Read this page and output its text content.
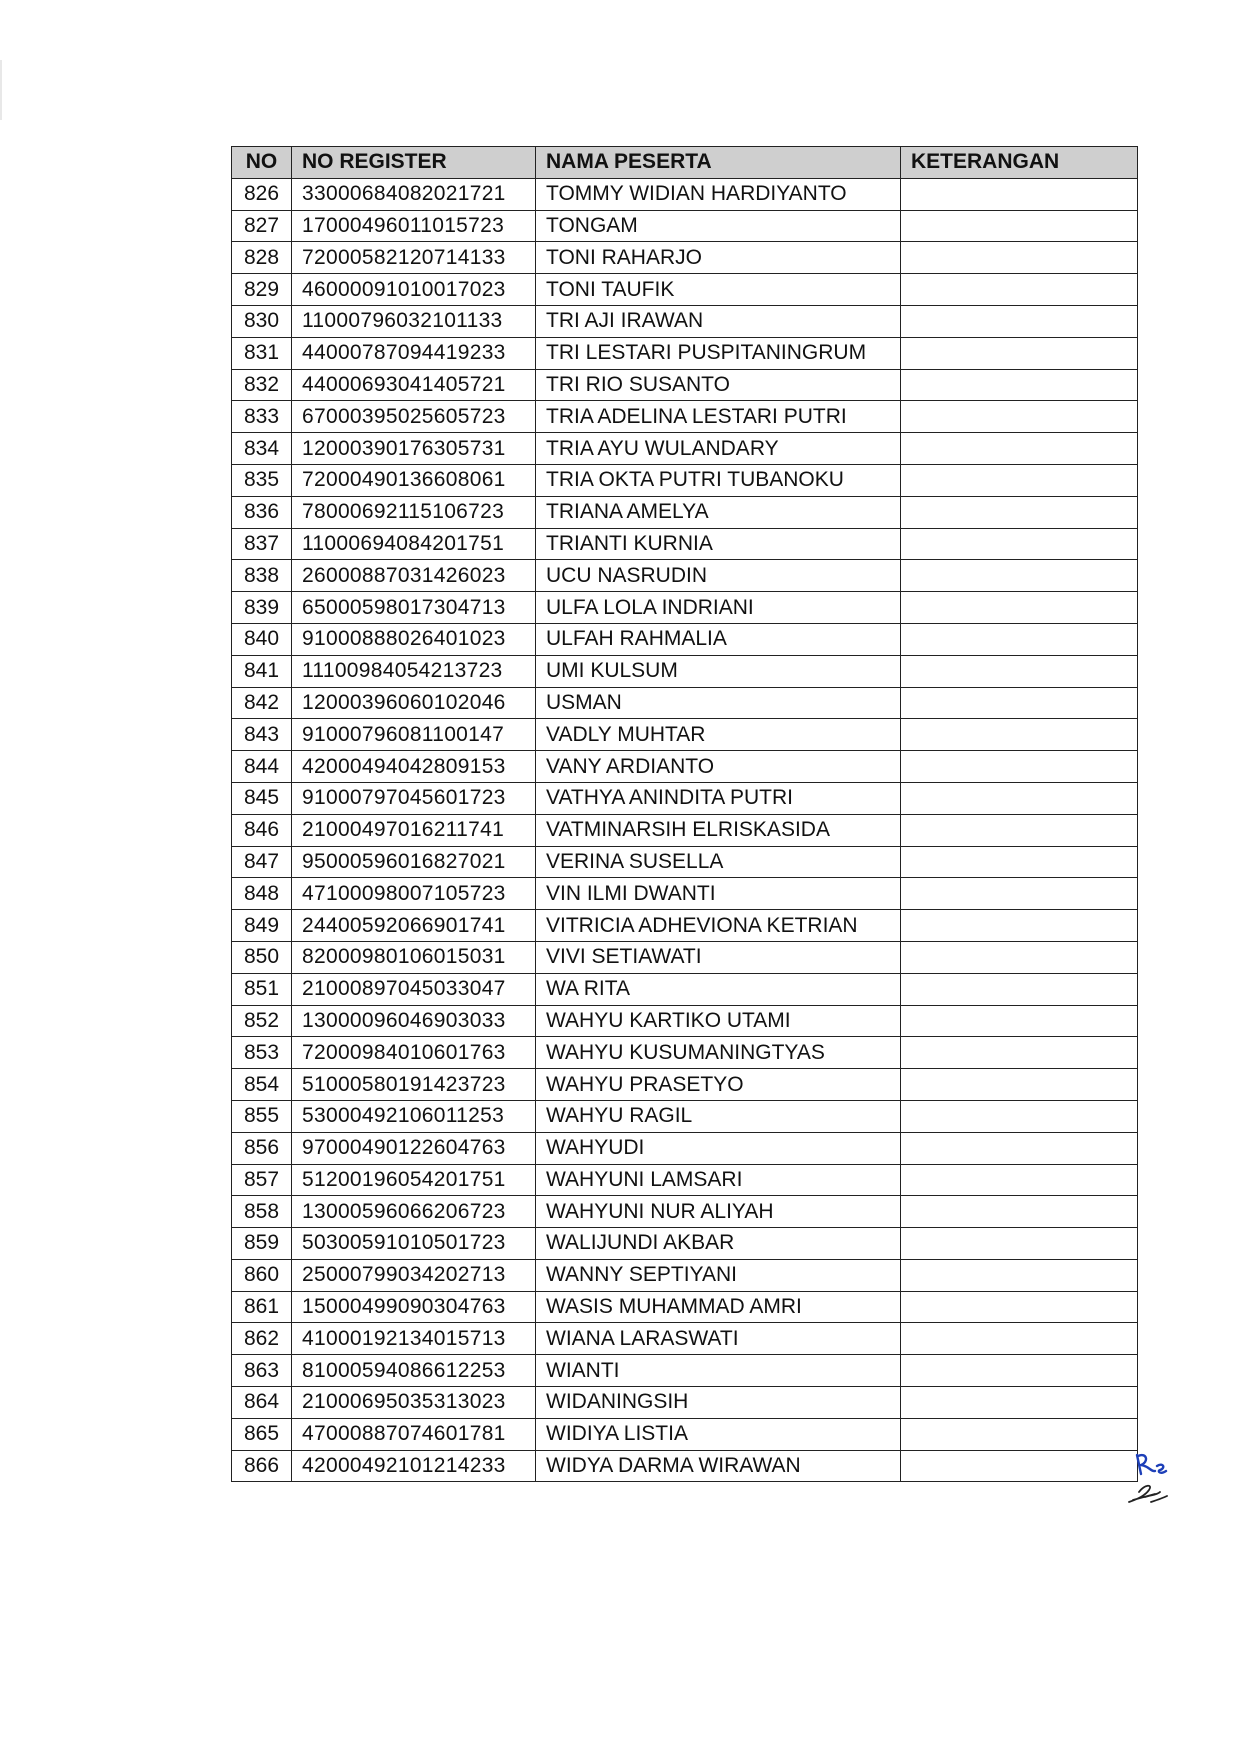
NO	NO REGISTER	NAMA PESERTA	KETERANGAN
826	33000684082021721	TOMMY WIDIAN HARDIYANTO	
827	17000496011015723	TONGAM	
828	72000582120714133	TONI RAHARJO	
829	46000091010017023	TONI TAUFIK	
830	11000796032101133	TRI AJI IRAWAN	
831	44000787094419233	TRI LESTARI PUSPITANINGRUM	
832	44000693041405721	TRI RIO SUSANTO	
833	67000395025605723	TRIA ADELINA LESTARI PUTRI	
834	12000390176305731	TRIA AYU WULANDARY	
835	72000490136608061	TRIA OKTA PUTRI TUBANOKU	
836	78000692115106723	TRIANA AMELYA	
837	11000694084201751	TRIANTI KURNIA	
838	26000887031426023	UCU NASRUDIN	
839	65000598017304713	ULFA LOLA INDRIANI	
840	91000888026401023	ULFAH RAHMALIA	
841	11100984054213723	UMI KULSUM	
842	12000396060102046	USMAN	
843	91000796081100147	VADLY MUHTAR	
844	42000494042809153	VANY ARDIANTO	
845	91000797045601723	VATHYA ANINDITA PUTRI	
846	21000497016211741	VATMINARSIH ELRISKASIDA	
847	95000596016827021	VERINA SUSELLA	
848	47100098007105723	VIN ILMI DWANTI	
849	24400592066901741	VITRICIA ADHEVIONA KETRIAN	
850	82000980106015031	VIVI SETIAWATI	
851	21000897045033047	WA RITA	
852	13000096046903033	WAHYU KARTIKO UTAMI	
853	72000984010601763	WAHYU KUSUMANINGTYAS	
854	51000580191423723	WAHYU PRASETYO	
855	53000492106011253	WAHYU RAGIL	
856	97000490122604763	WAHYUDI	
857	51200196054201751	WAHYUNI LAMSARI	
858	13000596066206723	WAHYUNI NUR ALIYAH	
859	50300591010501723	WALIJUNDI AKBAR	
860	25000799034202713	WANNY SEPTIYANI	
861	15000499090304763	WASIS MUHAMMAD AMRI	
862	41000192134015713	WIANA LARASWATI	
863	81000594086612253	WIANTI	
864	21000695035313023	WIDANINGSIH	
865	47000887074601781	WIDIYA LISTIA	
866	42000492101214233	WIDYA DARMA WIRAWAN	
